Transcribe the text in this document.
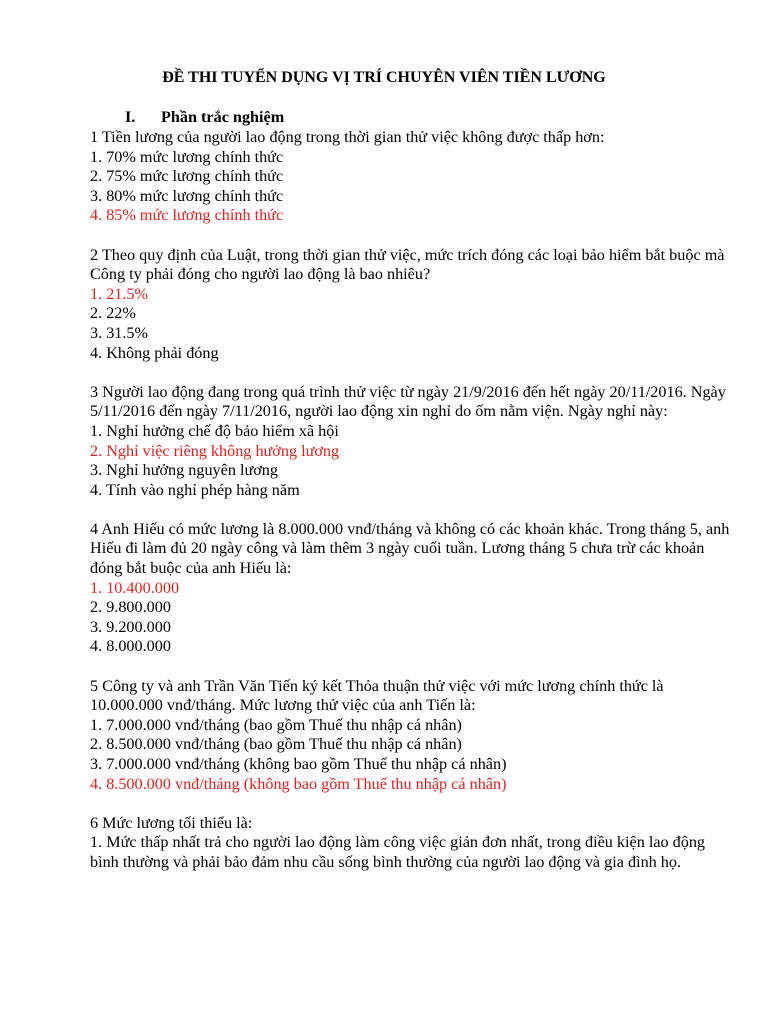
ĐỀ THI TUYỂN DỤNG VỊ TRÍ CHUYÊN VIÊN TIỀN LƯƠNG
I. Phần trắc nghiệm
1 Tiền lương của người lao động trong thời gian thử việc không được thấp hơn:
1. 70% mức lương chính thức
2. 75% mức lương chính thức
3. 80% mức lương chính thức
4. 85% mức lương chính thức
2 Theo quy định của Luật, trong thời gian thử việc, mức trích đóng các loại bảo hiểm bắt buộc mà Công ty phải đóng cho người lao động là bao nhiêu?
1. 21.5%
2. 22%
3. 31.5%
4. Không phải đóng
3 Người lao động đang trong quá trình thử việc từ ngày 21/9/2016 đến hết ngày 20/11/2016. Ngày 5/11/2016 đến ngày 7/11/2016, người lao động xin nghỉ do ốm nằm viện. Ngày nghỉ này:
1. Nghỉ hưởng chế độ bảo hiểm xã hội
2. Nghỉ việc riêng không hưởng lương
3. Nghỉ hưởng nguyên lương
4. Tính vào nghỉ phép hàng năm
4 Anh Hiếu có mức lương là 8.000.000 vnđ/tháng và không có các khoản khác. Trong tháng 5, anh Hiếu đi làm đủ 20 ngày công và làm thêm 3 ngày cuối tuần. Lương tháng 5 chưa trừ các khoản đóng bắt buộc của anh Hiếu là:
1. 10.400.000
2. 9.800.000
3. 9.200.000
4. 8.000.000
5 Công ty và anh Trần Văn Tiến ký kết Thỏa thuận thử việc với mức lương chính thức là 10.000.000 vnđ/tháng. Mức lương thử việc của anh Tiến là:
1. 7.000.000 vnđ/tháng (bao gồm Thuế thu nhập cá nhân)
2. 8.500.000 vnđ/tháng (bao gồm Thuế thu nhập cá nhân)
3. 7.000.000 vnđ/tháng (không bao gồm Thuế thu nhập cá nhân)
4. 8.500.000 vnđ/tháng (không bao gồm Thuế thu nhập cá nhân)
6 Mức lương tối thiểu là:
1. Mức thấp nhất trả cho người lao động làm công việc giản đơn nhất, trong điều kiện lao động bình thường và phải bảo đảm nhu cầu sống bình thường của người lao động và gia đình họ.
